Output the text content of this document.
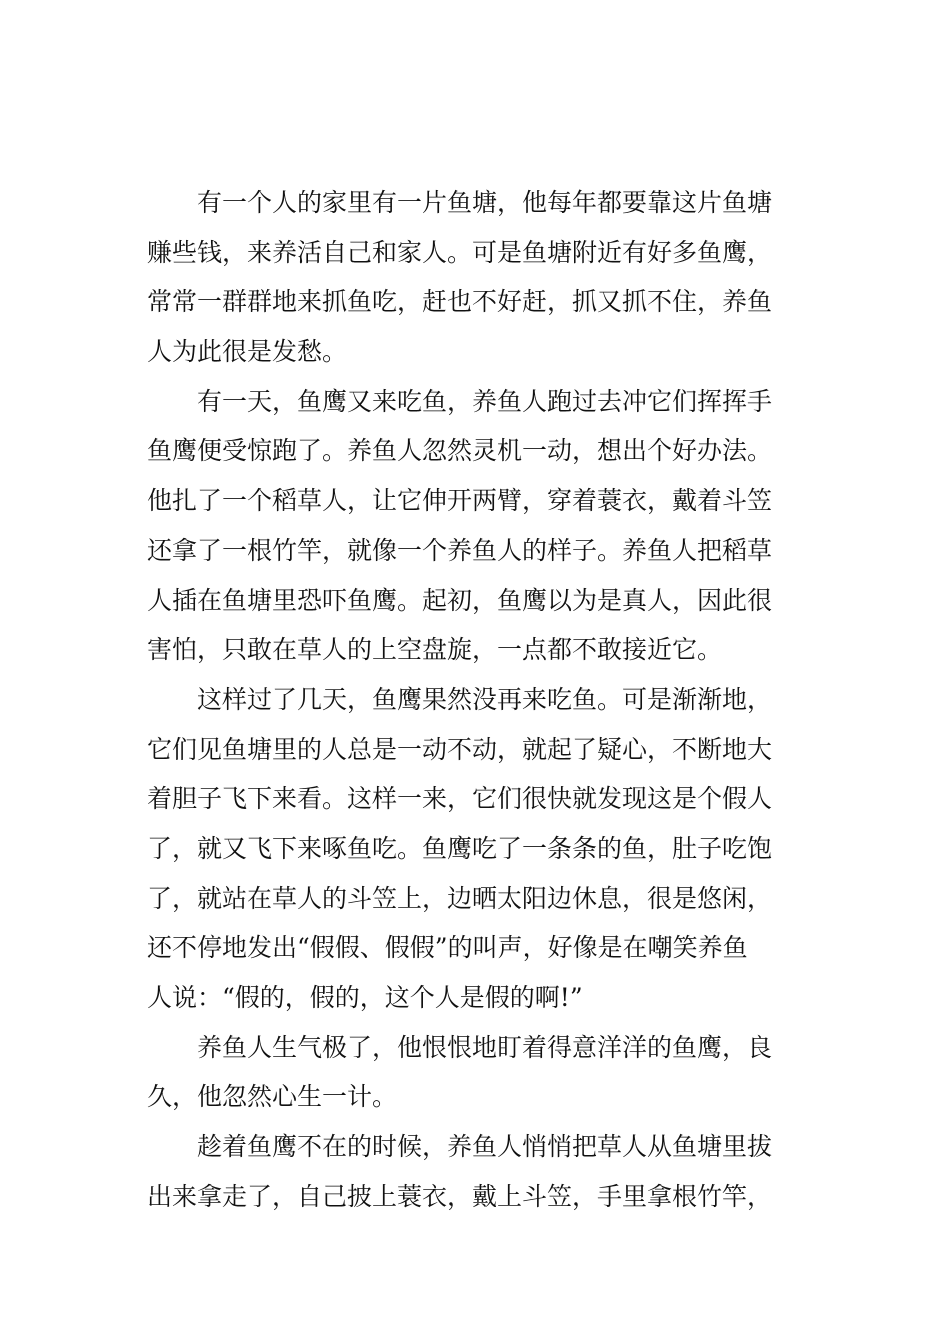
有一个人的家里有一片鱼塘，他每年都要靠这片鱼塘
赚些钱，来养活自己和家人。可是鱼塘附近有好多鱼鹰，
常常一群群地来抓鱼吃，赶也不好赶，抓又抓不住，养鱼
人为此很是发愁。
有一天，鱼鹰又来吃鱼，养鱼人跑过去冲它们挥挥手
鱼鹰便受惊跑了。养鱼人忽然灵机一动，想出个好办法。
他扎了一个稻草人，让它伸开两臂，穿着蓑衣，戴着斗笠
还拿了一根竹竿，就像一个养鱼人的样子。养鱼人把稻草
人插在鱼塘里恐吓鱼鹰。起初，鱼鹰以为是真人，因此很
害怕，只敢在草人的上空盘旋，一点都不敢接近它。
这样过了几天，鱼鹰果然没再来吃鱼。可是渐渐地，
它们见鱼塘里的人总是一动不动，就起了疑心，不断地大
着胆子飞下来看。这样一来，它们很快就发现这是个假人
了，就又飞下来啄鱼吃。鱼鹰吃了一条条的鱼，肚子吃饱
了，就站在草人的斗笠上，边晒太阳边休息，很是悠闲，
还不停地发出“假假、假假”的叫声，好像是在嘲笑养鱼
人说：“假的，假的，这个人是假的啊!”
养鱼人生气极了，他恨恨地盯着得意洋洋的鱼鹰，良
久，他忽然心生一计。
趁着鱼鹰不在的时候，养鱼人悄悄把草人从鱼塘里拔
出来拿走了，自己披上蓑衣，戴上斗笠，手里拿根竹竿，
